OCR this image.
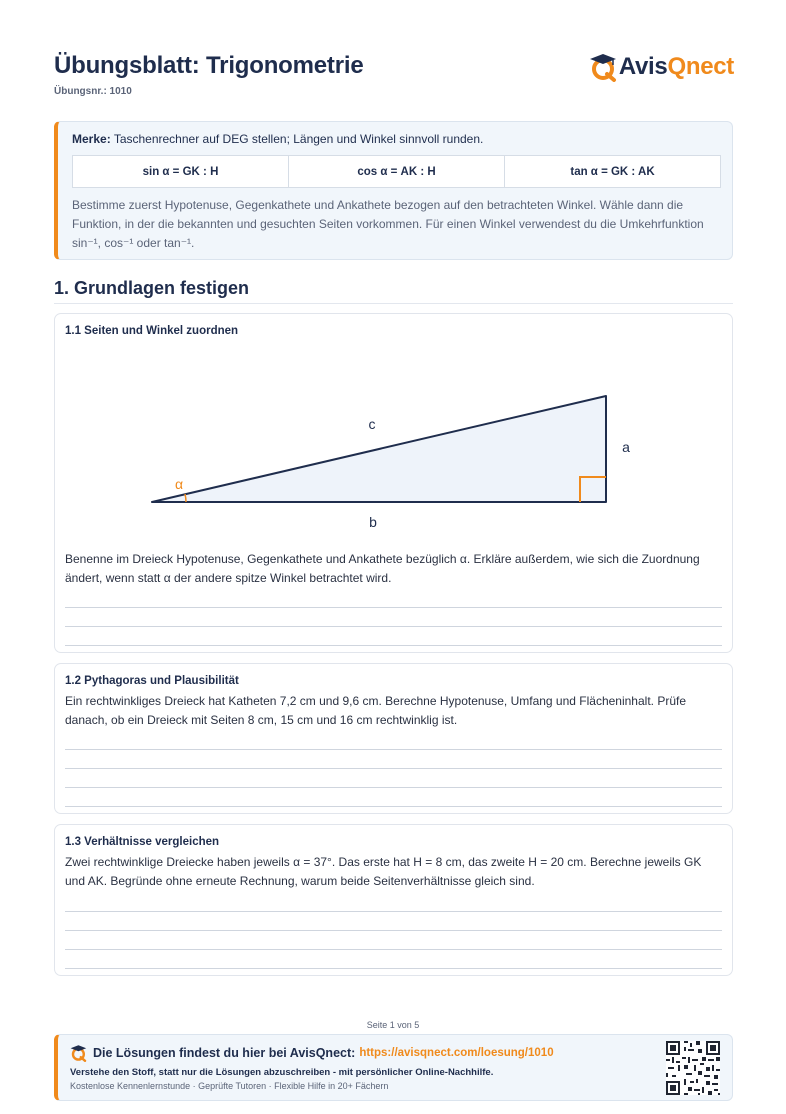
Übungsblatt: Trigonometrie
Übungsnr.: 1010
AvisQnect
Merke: Taschenrechner auf DEG stellen; Längen und Winkel sinnvoll runden.
sin α = GK : H	cos α = AK : H	tan α = GK : AK
Bestimme zuerst Hypotenuse, Gegenkathete und Ankathete bezogen auf den betrachteten Winkel. Wähle dann die Funktion, in der die bekannten und gesuchten Seiten vorkommen. Für einen Winkel verwendest du die Umkehrfunktion sin⁻¹, cos⁻¹ oder tan⁻¹.
1. Grundlagen festigen
1.1 Seiten und Winkel zuordnen
c
a
b
α
Benenne im Dreieck Hypotenuse, Gegenkathete und Ankathete bezüglich α. Erkläre außerdem, wie sich die Zuordnung ändert, wenn statt α der andere spitze Winkel betrachtet wird.
1.2 Pythagoras und Plausibilität
Ein rechtwinkliges Dreieck hat Katheten 7,2 cm und 9,6 cm. Berechne Hypotenuse, Umfang und Flächeninhalt. Prüfe danach, ob ein Dreieck mit Seiten 8 cm, 15 cm und 16 cm rechtwinklig ist.
1.3 Verhältnisse vergleichen
Zwei rechtwinklige Dreiecke haben jeweils α = 37°. Das erste hat H = 8 cm, das zweite H = 20 cm. Berechne jeweils GK und AK. Begründe ohne erneute Rechnung, warum beide Seitenverhältnisse gleich sind.
Seite 1 von 5
Die Lösungen findest du hier bei AvisQnect: https://avisqnect.com/loesung/1010
Verstehe den Stoff, statt nur die Lösungen abzuschreiben - mit persönlicher Online-Nachhilfe.
Kostenlose Kennenlernstunde · Geprüfte Tutoren · Flexible Hilfe in 20+ Fächern
